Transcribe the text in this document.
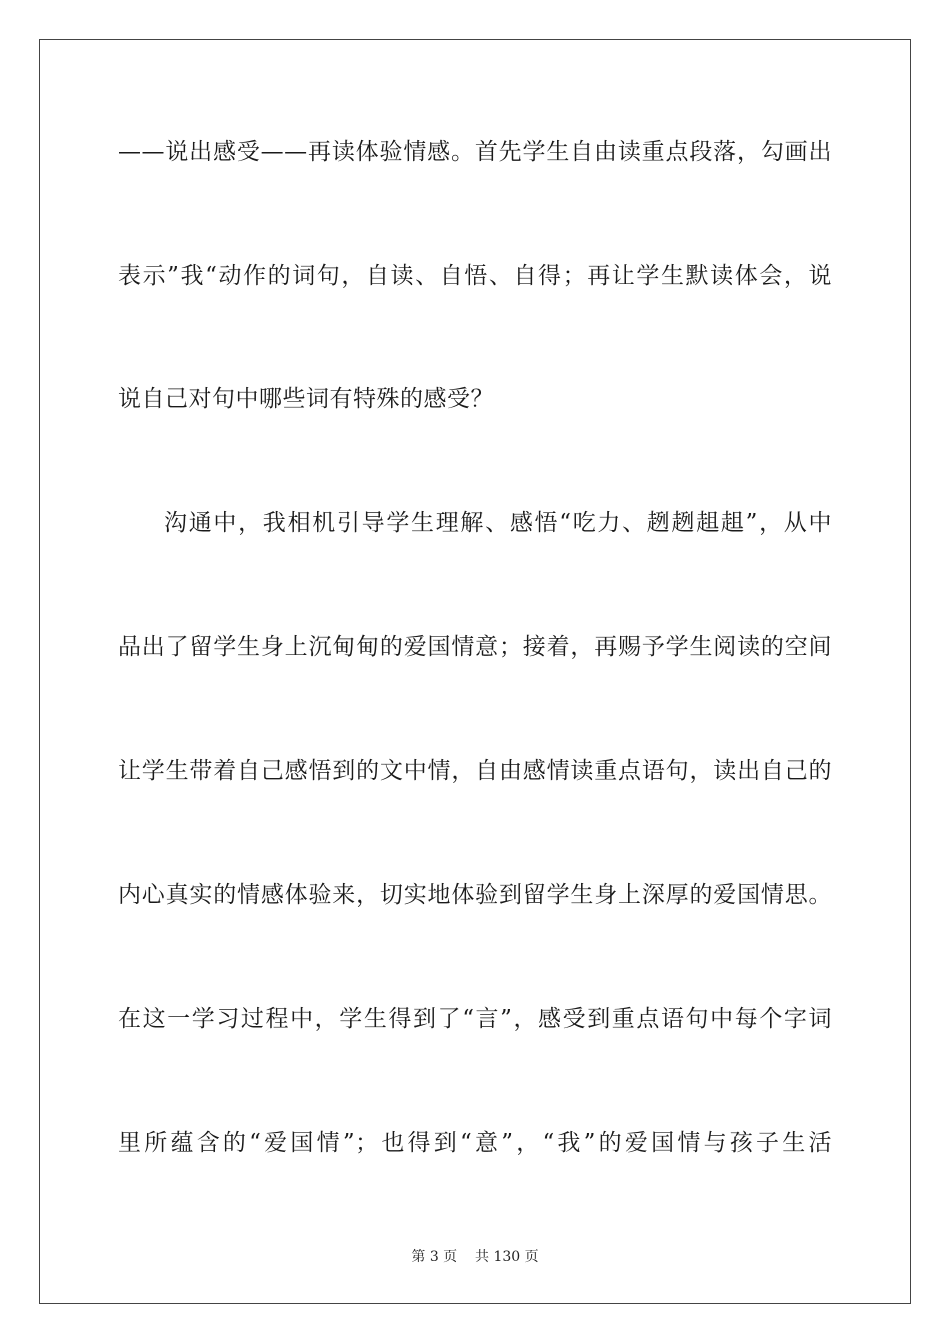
——说出感受——再读体验情感。首先学生自由读重点段落，勾画出
表示”我“动作的词句，自读、自悟、自得；再让学生默读体会，说
说自己对句中哪些词有特殊的感受？
沟通中，我相机引导学生理解、感悟“吃力、趔趔趄趄”，从中
品出了留学生身上沉甸甸的爱国情意；接着，再赐予学生阅读的空间
让学生带着自己感悟到的文中情，自由感情读重点语句，读出自己的
内心真实的情感体验来，切实地体验到留学生身上深厚的爱国情思。
在这一学习过程中，学生得到了“言”，感受到重点语句中每个字词
里所蕴含的“爱国情”；也得到“意”，“我”的爱国情与孩子生活
第 3 页 共 130 页
